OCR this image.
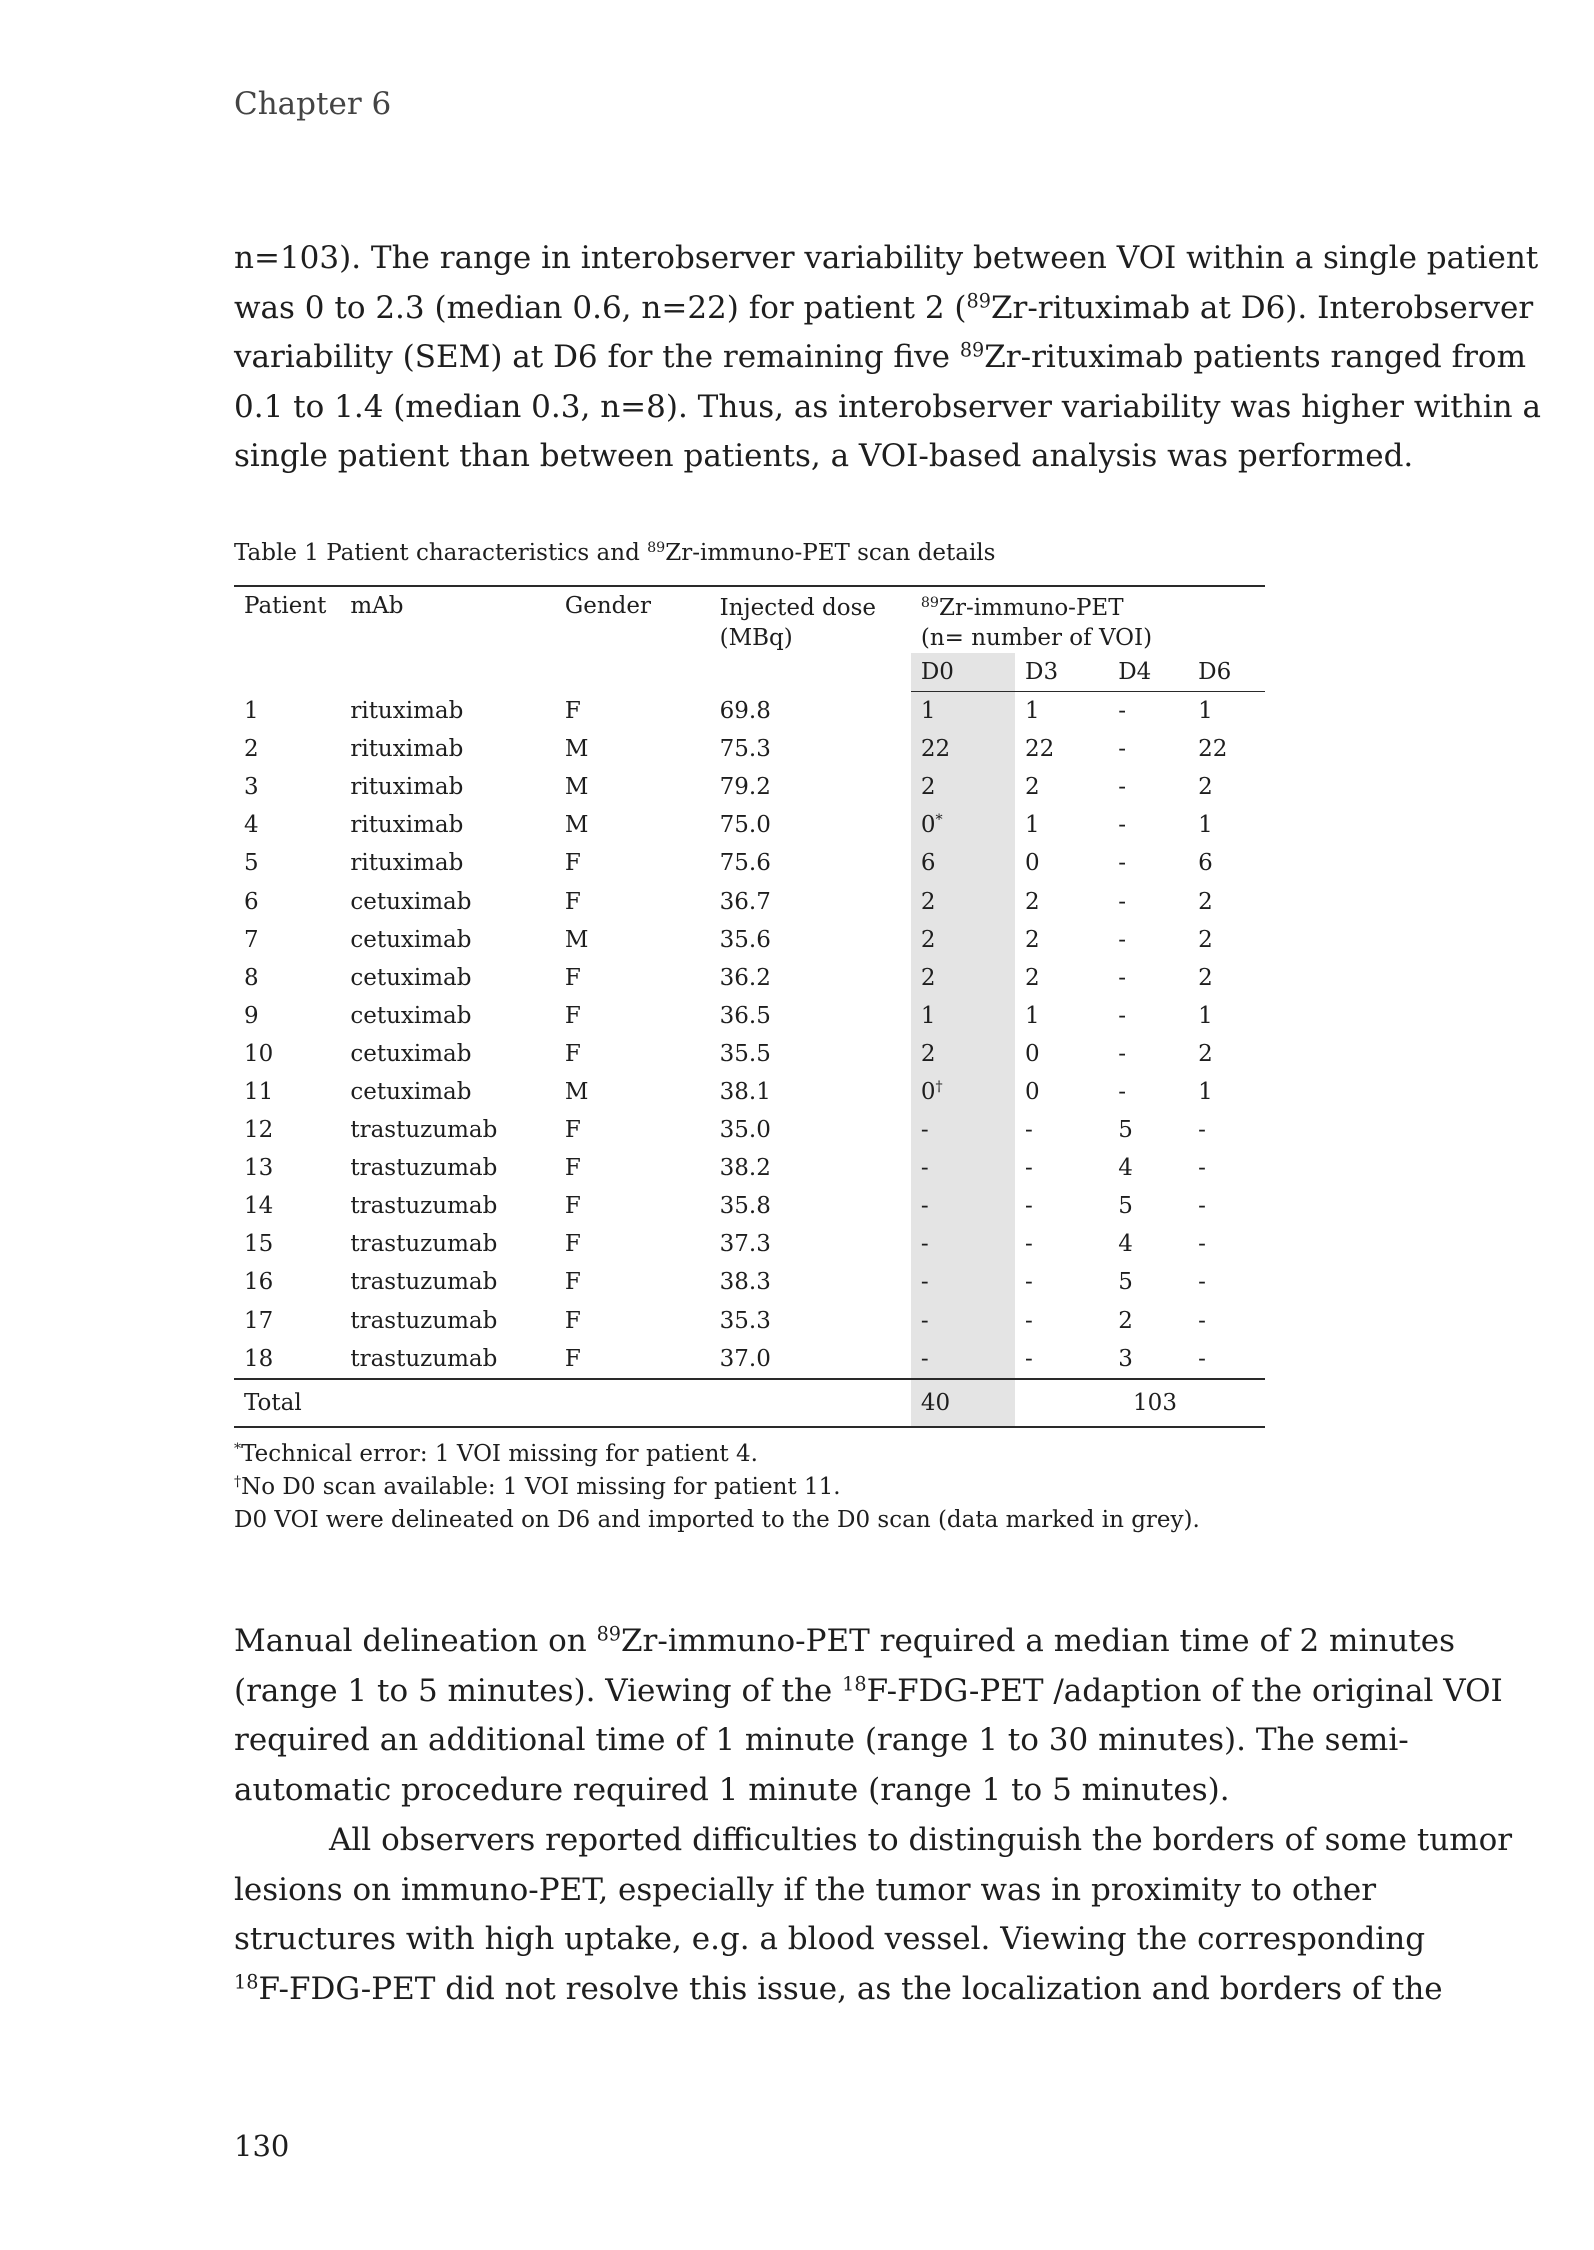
Chapter 6
n=103). The range in interobserver variability between VOI within a single patient
was 0 to 2.3 (median 0.6, n=22) for patient 2 ($^{89}$Zr-rituximab at D6). Interobserver
variability (SEM) at D6 for the remaining five $^{89}$Zr-rituximab patients ranged from
0.1 to 1.4 (median 0.3, n=8). Thus, as interobserver variability was higher within a
single patient than between patients, a VOI-based analysis was performed.
Table 1 Patient characteristics and $^{89}$Zr-immuno-PET scan details
Patient	mAb	Gender	Injected dose
(MBq)	$^{89}$Zr-immuno-PET
(n= number of VOI)			
				D0	D3	D4	D6
1	rituximab	F	69.8	1	1	-	1
2	rituximab	M	75.3	22	22	-	22
3	rituximab	M	79.2	2	2	-	2
4	rituximab	M	75.0	0*	1	-	1
5	rituximab	F	75.6	6	0	-	6
6	cetuximab	F	36.7	2	2	-	2
7	cetuximab	M	35.6	2	2	-	2
8	cetuximab	F	36.2	2	2	-	2
9	cetuximab	F	36.5	1	1	-	1
10	cetuximab	F	35.5	2	0	-	2
11	cetuximab	M	38.1	0†	0	-	1
12	trastuzumab	F	35.0	-	-	5	-
13	trastuzumab	F	38.2	-	-	4	-
14	trastuzumab	F	35.8	-	-	5	-
15	trastuzumab	F	37.3	-	-	4	-
16	trastuzumab	F	38.3	-	-	5	-
17	trastuzumab	F	35.3	-	-	2	-
18	trastuzumab	F	37.0	-	-	3	-
Total				40	103		
*Technical error: 1 VOI missing for patient 4.
†No D0 scan available: 1 VOI missing for patient 11.
D0 VOI were delineated on D6 and imported to the D0 scan (data marked in grey).
Manual delineation on $^{89}$Zr-immuno-PET required a median time of 2 minutes
(range 1 to 5 minutes). Viewing of the $^{18}$F-FDG-PET /adaption of the original VOI
required an additional time of 1 minute (range 1 to 30 minutes). The semi-
automatic procedure required 1 minute (range 1 to 5 minutes).
All observers reported difficulties to distinguish the borders of some tumor
lesions on immuno-PET, especially if the tumor was in proximity to other
structures with high uptake, e.g. a blood vessel. Viewing the corresponding
$^{18}$F-FDG-PET did not resolve this issue, as the localization and borders of the
130
